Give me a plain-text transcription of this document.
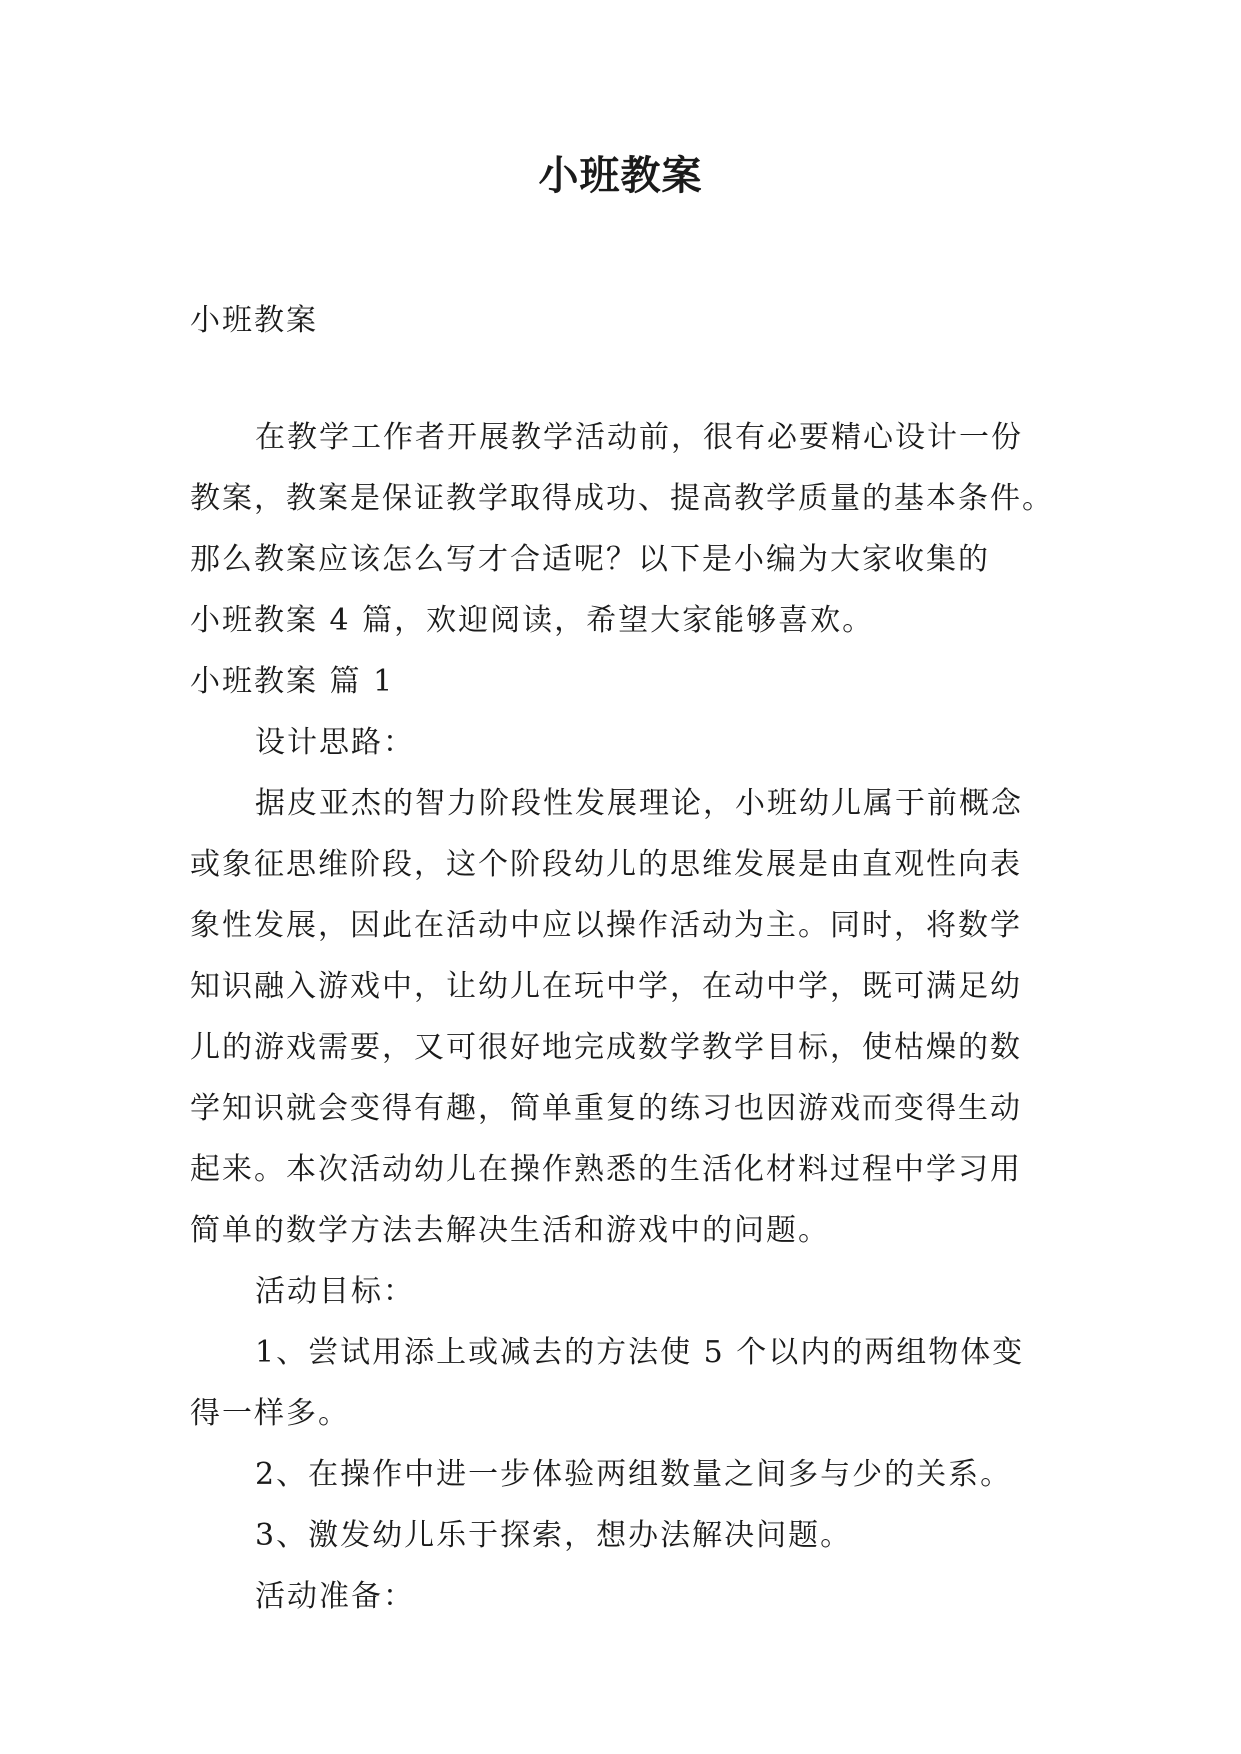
小班教案
小班教案
在教学工作者开展教学活动前，很有必要精心设计一份
教案，教案是保证教学取得成功、提高教学质量的基本条件。
那么教案应该怎么写才合适呢？以下是小编为大家收集的
小班教案 4 篇，欢迎阅读，希望大家能够喜欢。
小班教案 篇 1
设计思路：
据皮亚杰的智力阶段性发展理论，小班幼儿属于前概念
或象征思维阶段，这个阶段幼儿的思维发展是由直观性向表
象性发展，因此在活动中应以操作活动为主。同时，将数学
知识融入游戏中，让幼儿在玩中学，在动中学，既可满足幼
儿的游戏需要，又可很好地完成数学教学目标，使枯燥的数
学知识就会变得有趣，简单重复的练习也因游戏而变得生动
起来。本次活动幼儿在操作熟悉的生活化材料过程中学习用
简单的数学方法去解决生活和游戏中的问题。
活动目标：
1、尝试用添上或减去的方法使 5 个以内的两组物体变
得一样多。
2、在操作中进一步体验两组数量之间多与少的关系。
3、激发幼儿乐于探索，想办法解决问题。
活动准备：
